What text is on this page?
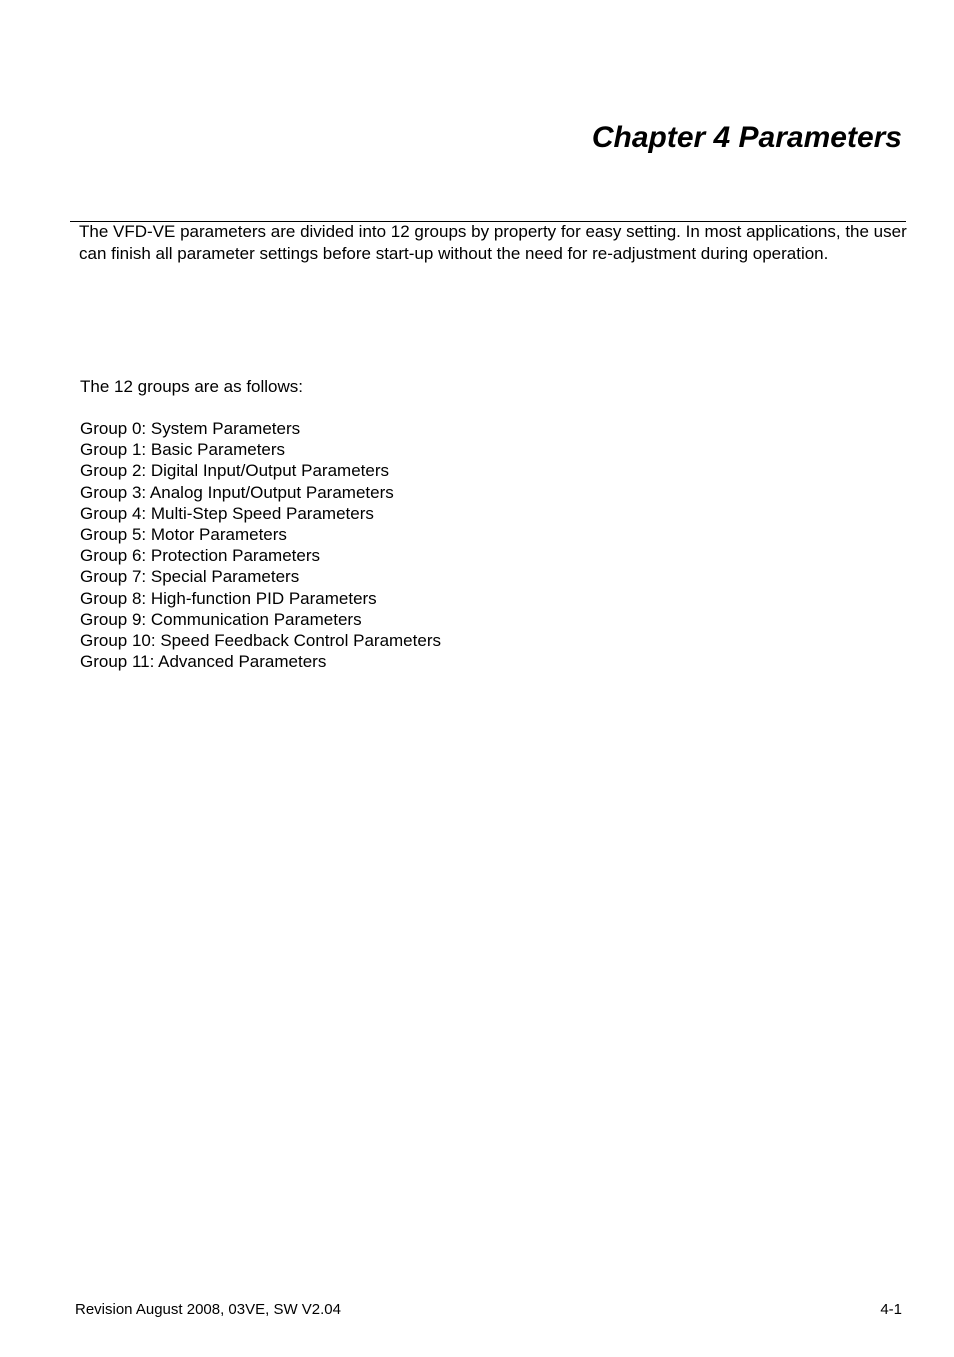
Chapter 4 Parameters

The VFD-VE parameters are divided into 12 groups by property for easy setting. In most applications, the user can finish all parameter settings before start-up without the need for re-adjustment during operation.

The 12 groups are as follows:

Group 0: System Parameters
Group 1: Basic Parameters
Group 2: Digital Input/Output Parameters
Group 3: Analog Input/Output Parameters
Group 4: Multi-Step Speed Parameters
Group 5: Motor Parameters
Group 6: Protection Parameters
Group 7: Special Parameters
Group 8: High-function PID Parameters
Group 9: Communication Parameters
Group 10: Speed Feedback Control Parameters
Group 11: Advanced Parameters
Revision August 2008, 03VE, SW V2.04	4-1
